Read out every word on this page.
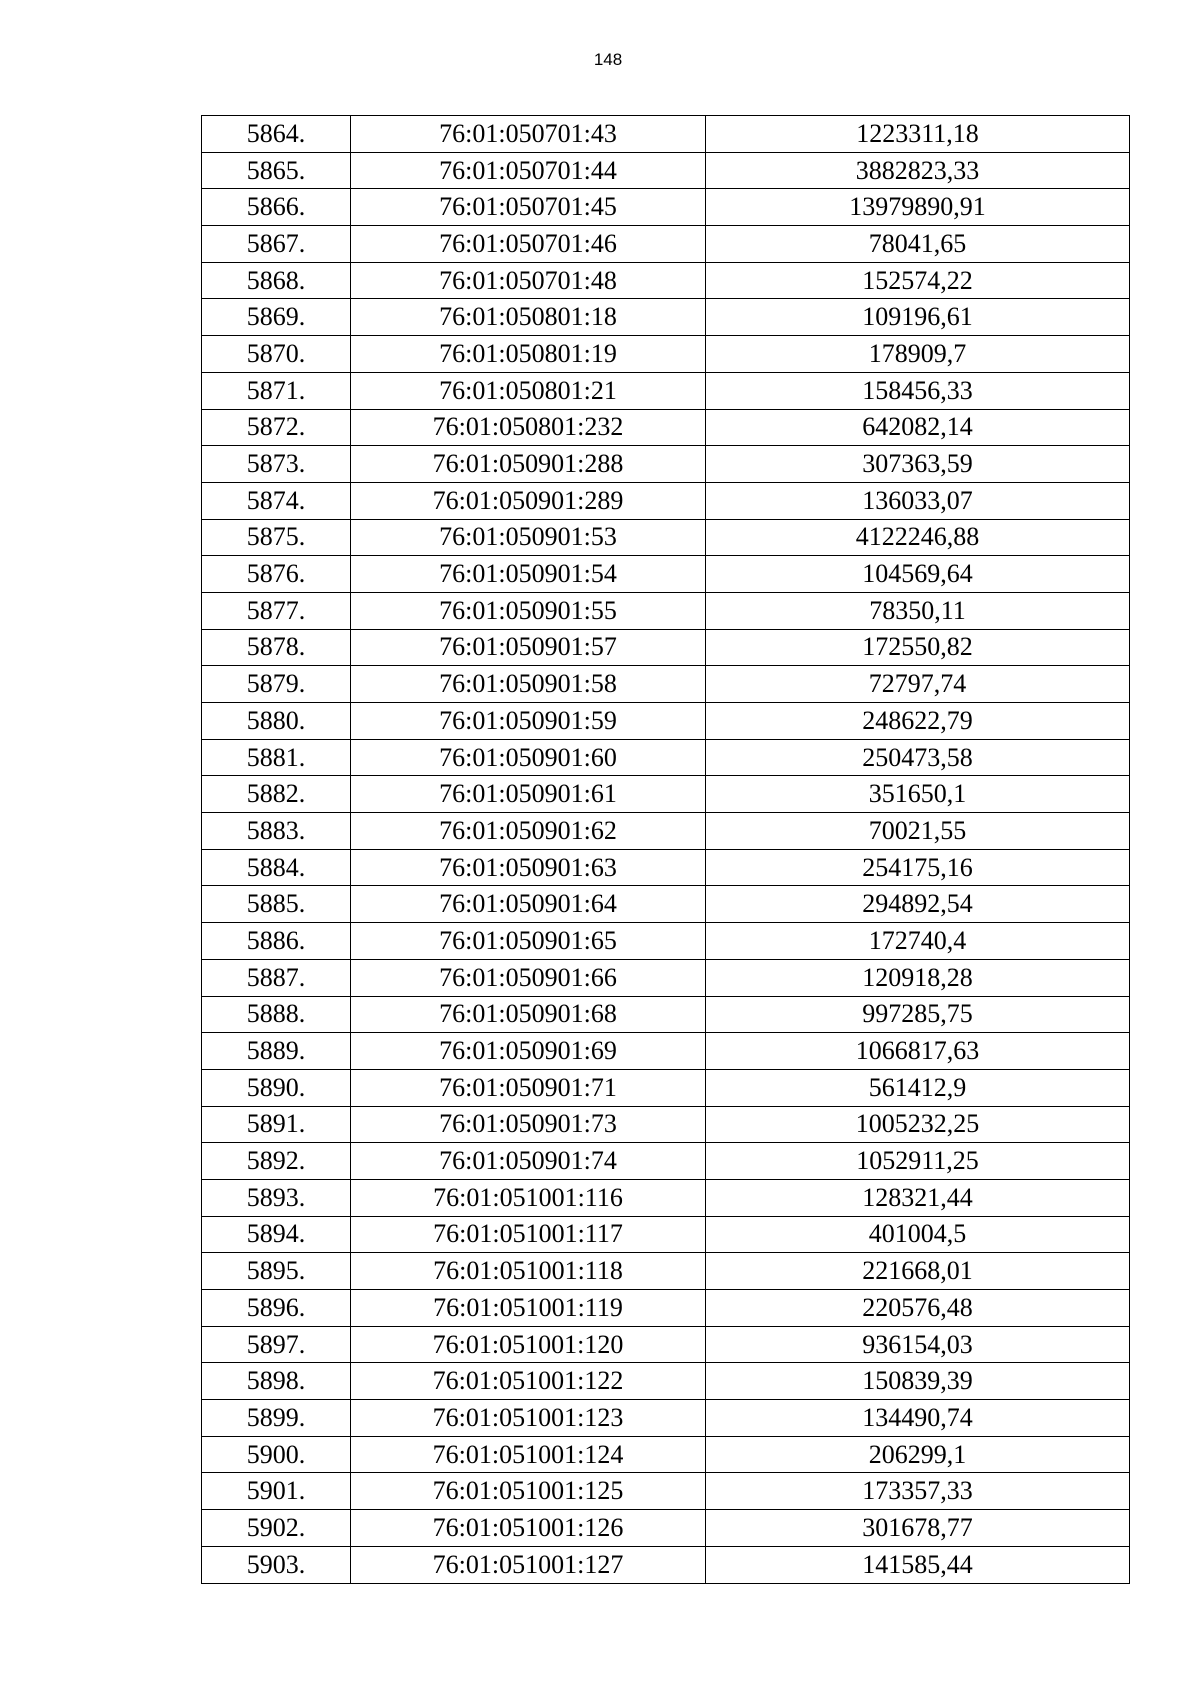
148
5864.	76:01:050701:43	1223311,18
5865.	76:01:050701:44	3882823,33
5866.	76:01:050701:45	13979890,91
5867.	76:01:050701:46	78041,65
5868.	76:01:050701:48	152574,22
5869.	76:01:050801:18	109196,61
5870.	76:01:050801:19	178909,7
5871.	76:01:050801:21	158456,33
5872.	76:01:050801:232	642082,14
5873.	76:01:050901:288	307363,59
5874.	76:01:050901:289	136033,07
5875.	76:01:050901:53	4122246,88
5876.	76:01:050901:54	104569,64
5877.	76:01:050901:55	78350,11
5878.	76:01:050901:57	172550,82
5879.	76:01:050901:58	72797,74
5880.	76:01:050901:59	248622,79
5881.	76:01:050901:60	250473,58
5882.	76:01:050901:61	351650,1
5883.	76:01:050901:62	70021,55
5884.	76:01:050901:63	254175,16
5885.	76:01:050901:64	294892,54
5886.	76:01:050901:65	172740,4
5887.	76:01:050901:66	120918,28
5888.	76:01:050901:68	997285,75
5889.	76:01:050901:69	1066817,63
5890.	76:01:050901:71	561412,9
5891.	76:01:050901:73	1005232,25
5892.	76:01:050901:74	1052911,25
5893.	76:01:051001:116	128321,44
5894.	76:01:051001:117	401004,5
5895.	76:01:051001:118	221668,01
5896.	76:01:051001:119	220576,48
5897.	76:01:051001:120	936154,03
5898.	76:01:051001:122	150839,39
5899.	76:01:051001:123	134490,74
5900.	76:01:051001:124	206299,1
5901.	76:01:051001:125	173357,33
5902.	76:01:051001:126	301678,77
5903.	76:01:051001:127	141585,44
